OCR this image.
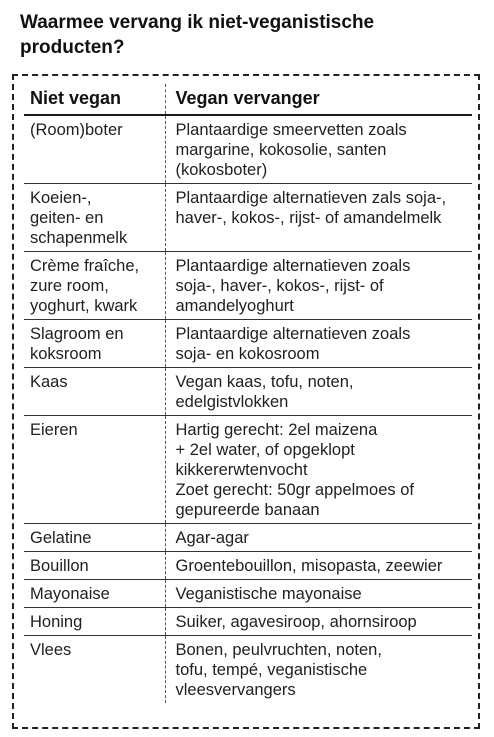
Waarmee vervang ik niet-veganistische producten?
Niet vegan	Vegan vervanger

(Room)boter	Plantaardige smeervetten zoals
margarine, kokosolie, santen
(kokosboter)

Koeien-,
geiten- en
schapenmelk	Plantaardige alternatieven zals soja-,
haver-, kokos-, rijst- of amandelmelk

Crème fraîche,
zure room,
yoghurt, kwark	Plantaardige alternatieven zoals
soja-, haver-, kokos-, rijst- of
amandelyoghurt

Slagroom en
koksroom	Plantaardige alternatieven zoals
soja- en kokosroom

Kaas	Vegan kaas, tofu, noten,
edelgistvlokken

Eieren	Hartig gerecht: 2el maizena
+ 2el water, of opgeklopt
kikkererwtenvocht
Zoet gerecht: 50gr appelmoes of
gepureerde banaan

Gelatine	Agar-agar

Bouillon	Groentebouillon, misopasta, zeewier

Mayonaise	Veganistische mayonaise

Honing	Suiker, agavesiroop, ahornsiroop

Vlees	Bonen, peulvruchten, noten,
tofu, tempé, veganistische
vleesvervangers
